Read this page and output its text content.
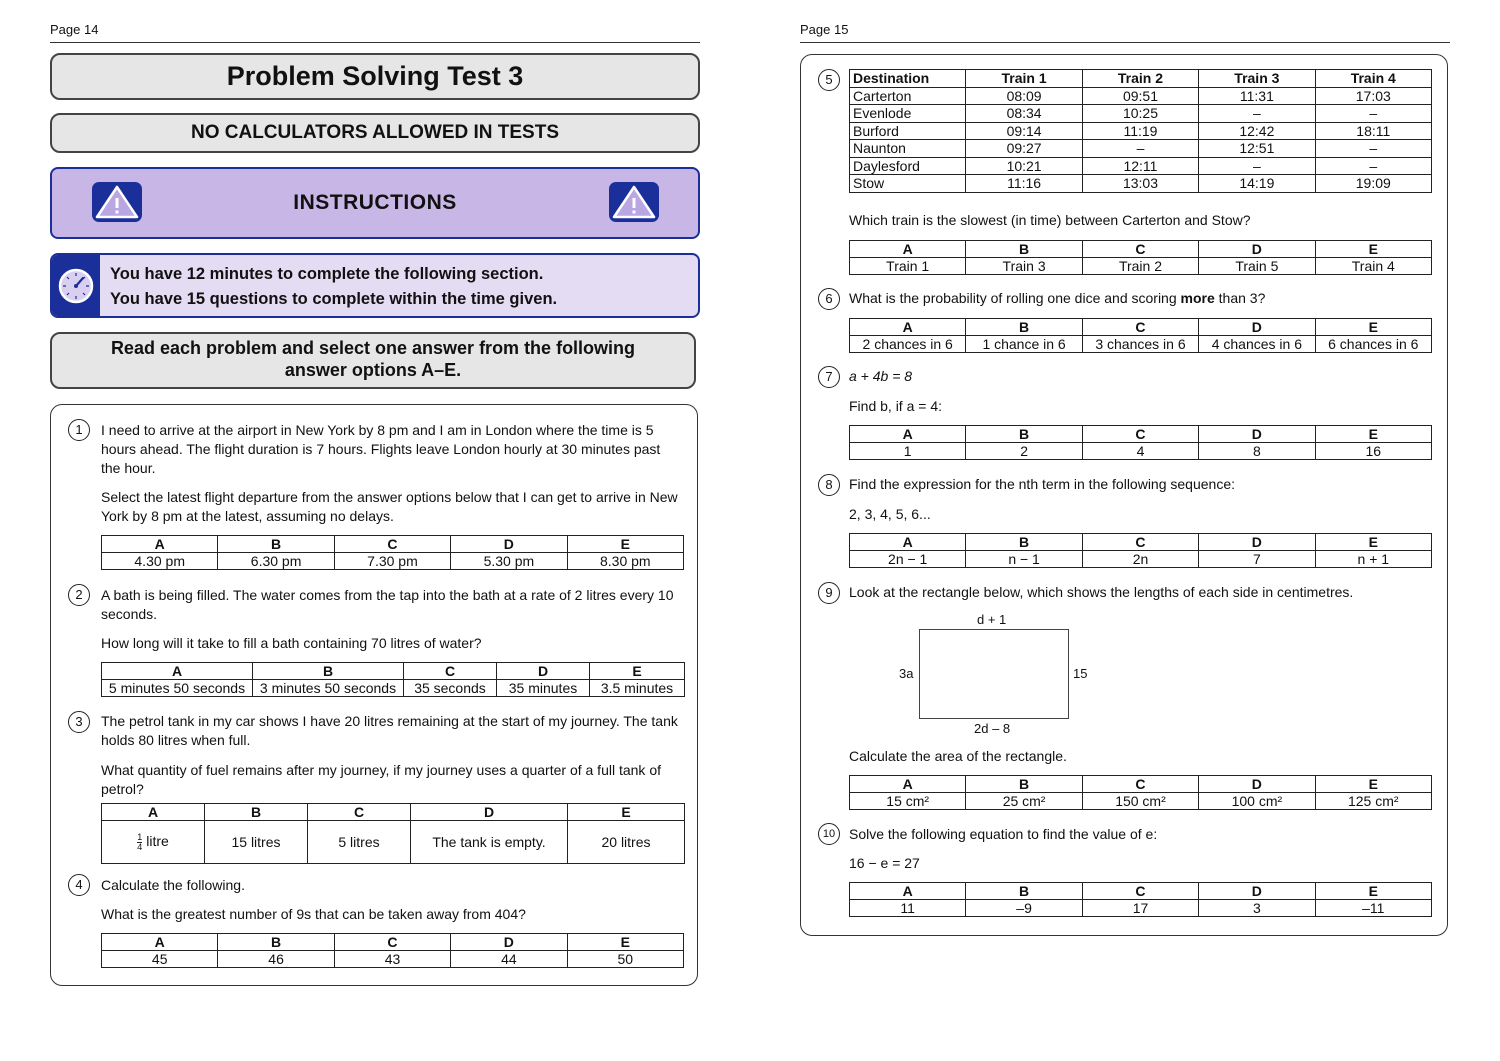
Page 14
Problem Solving Test 3
NO CALCULATORS ALLOWED IN TESTS
INSTRUCTIONS
You have 12 minutes to complete the following section.
You have 15 questions to complete within the time given.
Read each problem and select one answer from the following answer options A–E.
1	I need to arrive at the airport in New York by 8 pm and I am in London where the time is 5 hours ahead. The flight duration is 7 hours. Flights leave London hourly at 30 minutes past the hour.
Select the latest flight departure from the answer options below that I can get to arrive in New York by 8 pm at the latest, assuming no delays.
A	B	C	D	E
4.30 pm	6.30 pm	7.30 pm	5.30 pm	8.30 pm
2	A bath is being filled. The water comes from the tap into the bath at a rate of 2 litres every 10 seconds.
How long will it take to fill a bath containing 70 litres of water?
A	B	C	D	E
5 minutes 50 seconds	3 minutes 50 seconds	35 seconds	35 minutes	3.5 minutes
3	The petrol tank in my car shows I have 20 litres remaining at the start of my journey. The tank holds 80 litres when full.
What quantity of fuel remains after my journey, if my journey uses a quarter of a full tank of petrol?
A	B	C	D	E

$\frac{1}{4}$ litre	15 litres	5 litres	The tank is empty.	20 litres
4	Calculate the following.
What is the greatest number of 9s that can be taken away from 404?
A	B	C	D	E
45	46	43	44	50
Page 15
5	Destination	Train 1	Train 2	Train 3	Train 4
Carterton	08:09	09:51	11:31	17:03
Evenlode	08:34	10:25	–	–
Burford	09:14	11:19	12:42	18:11
Naunton	09:27	–	12:51	–
Daylesford	10:21	12:11	–	–
Stow	11:16	13:03	14:19	19:09
Which train is the slowest (in time) between Carterton and Stow?
A	B	C	D	E
Train 1	Train 3	Train 2	Train 5	Train 4
6	What is the probability of rolling one dice and scoring more than 3?
A	B	C	D	E
2 chances in 6	1 chance in 6	3 chances in 6	4 chances in 6	6 chances in 6
7	a + 4b = 8
Find b, if a = 4:
A	B	C	D	E
1	2	4	8	16
8	Find the expression for the nth term in the following sequence:
2, 3, 4, 5, 6...
A	B	C	D	E
2n − 1	n − 1	2n	7	n + 1
9	Look at the rectangle below, which shows the lengths of each side in centimetres.
d + 1
3a	15
2d – 8
Calculate the area of the rectangle.
A	B	C	D	E
15 cm²	25 cm²	150 cm²	100 cm²	125 cm²
10 Solve the following equation to find the value of e:
16 − e = 27
A	B	C	D	E
11	–9	17	3	–11
